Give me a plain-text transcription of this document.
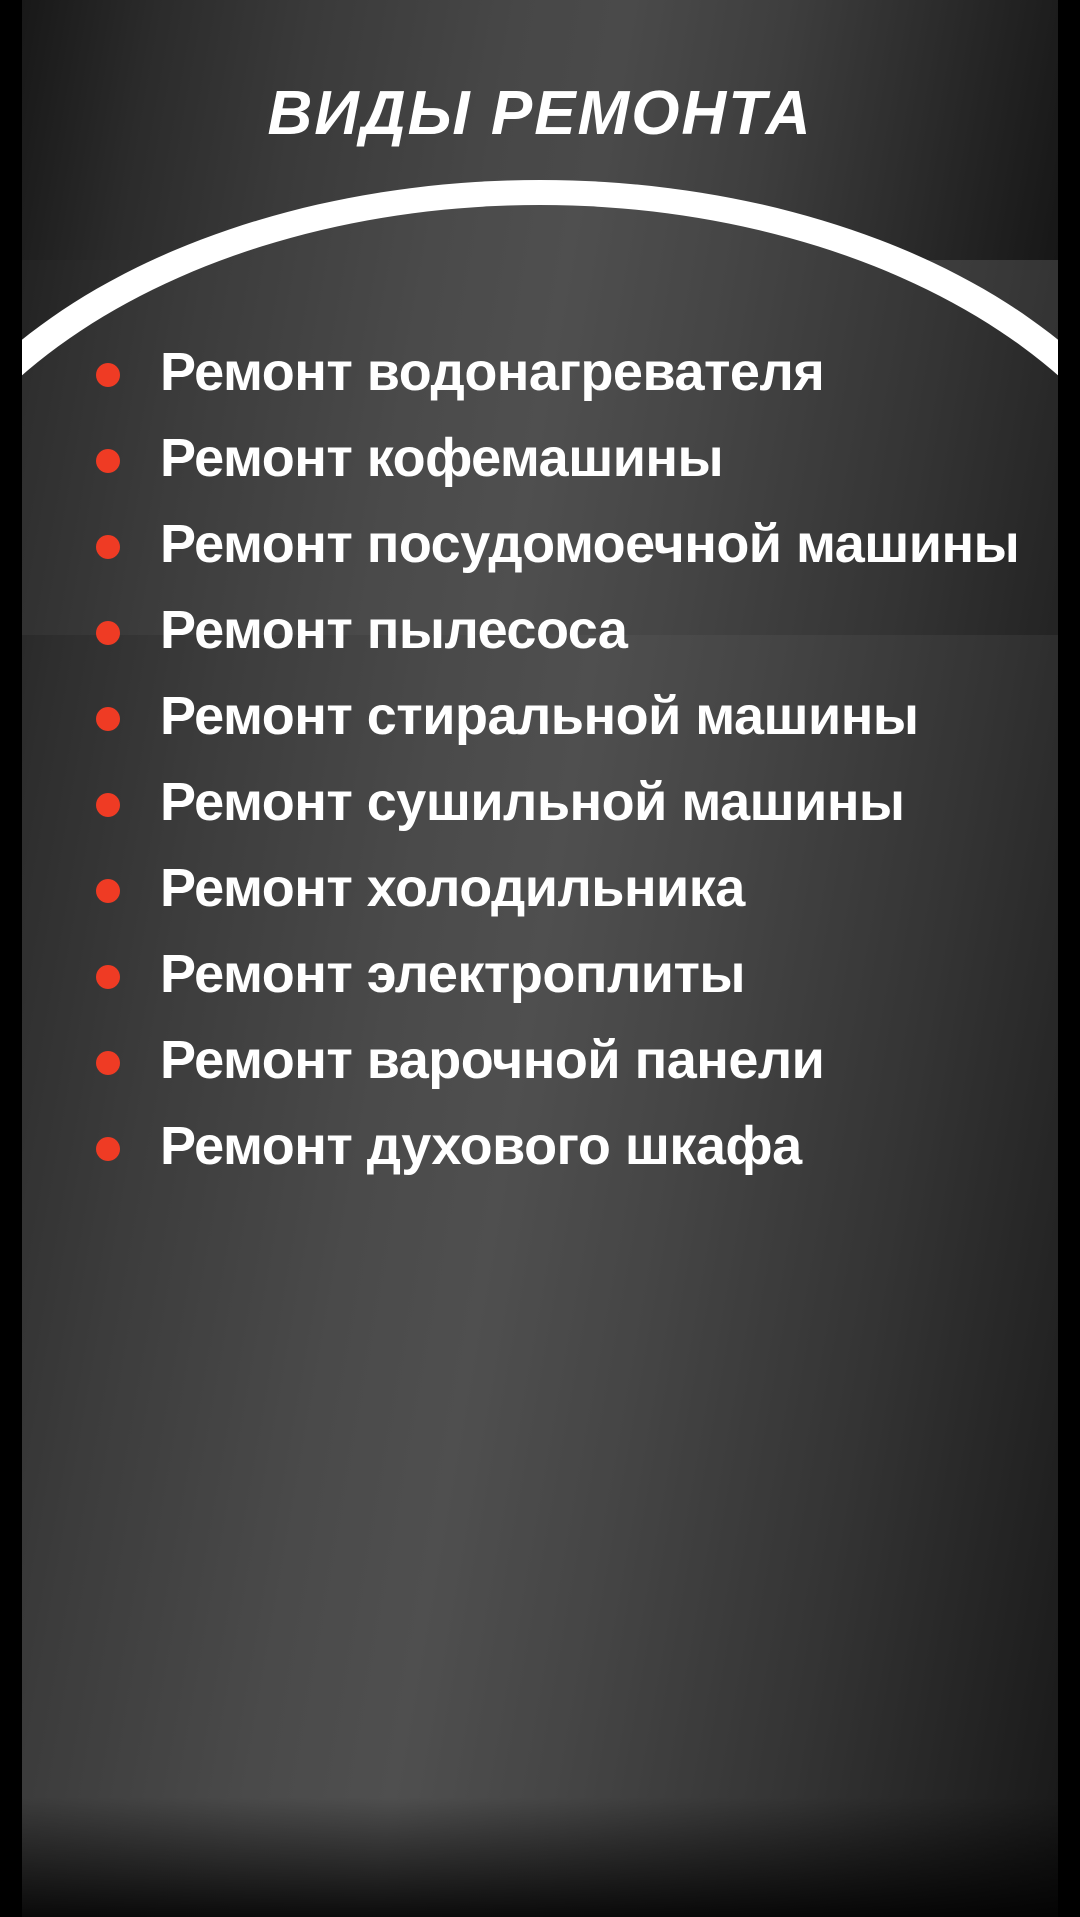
ВИДЫ РЕМОНТА
Ремонт водонагревателя
Ремонт кофемашины
Ремонт посудомоечной машины
Ремонт пылесоса
Ремонт стиральной машины
Ремонт сушильной машины
Ремонт холодильника
Ремонт электроплиты
Ремонт варочной панели
Ремонт духового шкафа
